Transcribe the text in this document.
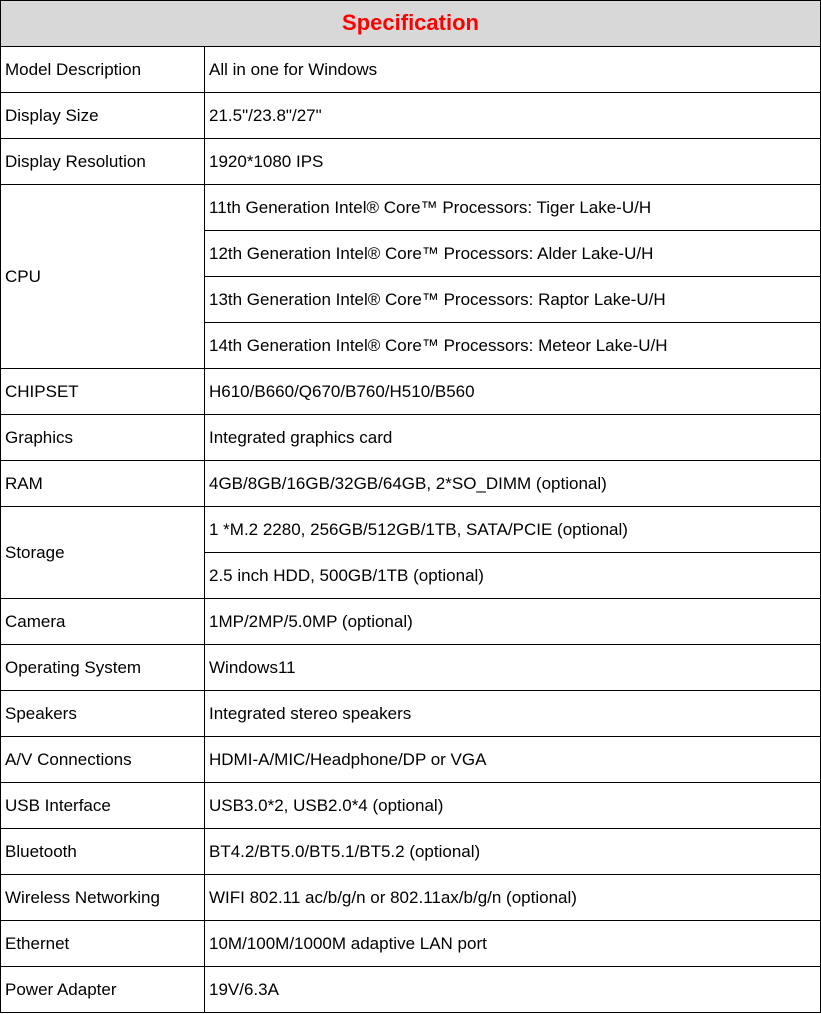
Specification	
Model Description	All in one for Windows
Display Size	21.5"/23.8"/27"
Display Resolution	1920*1080 IPS
CPU	11th Generation Intel® Core™ Processors: Tiger Lake-U/H
	12th Generation Intel® Core™ Processors: Alder Lake-U/H
	13th Generation Intel® Core™ Processors: Raptor Lake-U/H
	14th Generation Intel® Core™ Processors: Meteor Lake-U/H
CHIPSET	H610/B660/Q670/B760/H510/B560
Graphics	Integrated graphics card
RAM	4GB/8GB/16GB/32GB/64GB, 2*SO_DIMM (optional)
Storage	1 *M.2 2280, 256GB/512GB/1TB, SATA/PCIE (optional)
	2.5 inch HDD, 500GB/1TB (optional)
Camera	1MP/2MP/5.0MP (optional)
Operating System	Windows11
Speakers	Integrated stereo speakers
A/V Connections	HDMI-A/MIC/Headphone/DP or VGA
USB Interface	USB3.0*2, USB2.0*4 (optional)
Bluetooth	BT4.2/BT5.0/BT5.1/BT5.2 (optional)
Wireless Networking	WIFI 802.11 ac/b/g/n or 802.11ax/b/g/n (optional)
Ethernet	10M/100M/1000M adaptive LAN port
Power Adapter	19V/6.3A
